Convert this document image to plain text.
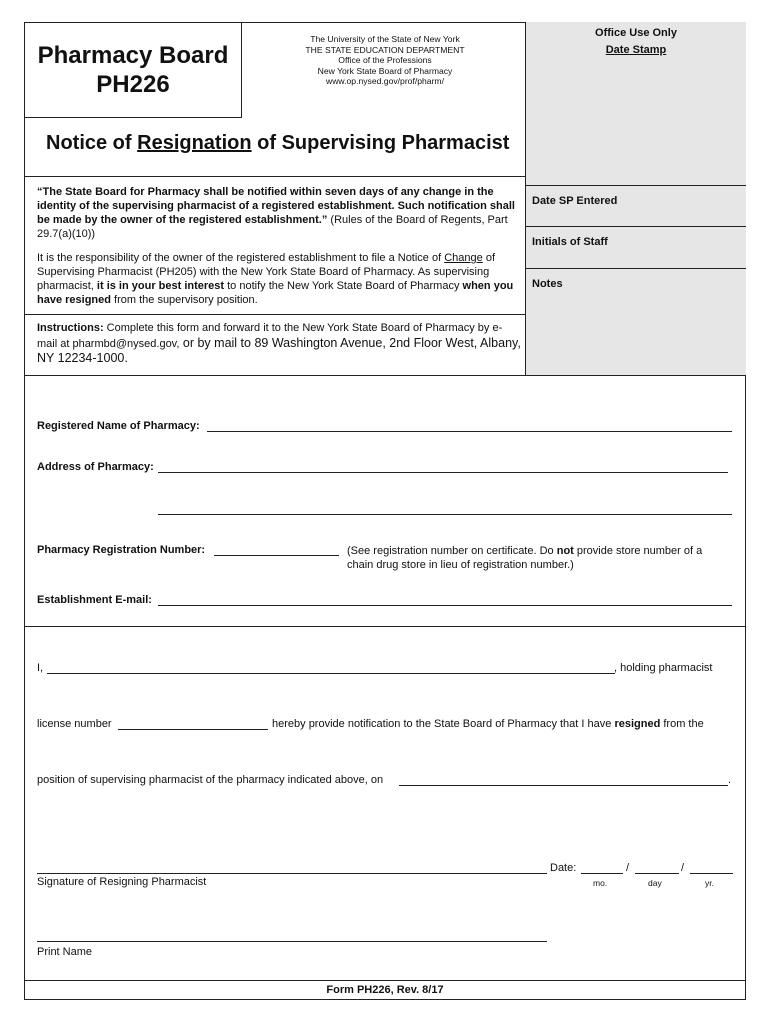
Pharmacy Board
PH226
The University of the State of New York
THE STATE EDUCATION DEPARTMENT
Office of the Professions
New York State Board of Pharmacy
www.op.nysed.gov/prof/pharm/
Office Use Only
Date Stamp
Date SP Entered
Initials of Staff
Notes
Notice of Resignation of Supervising Pharmacist
“The State Board for Pharmacy shall be notified within seven days of any change in the identity of the supervising pharmacist of a registered establishment. Such notification shall be made by the owner of the registered establishment.” (Rules of the Board of Regents, Part 29.7(a)(10))
It is the responsibility of the owner of the registered establishment to file a Notice of Change of Supervising Pharmacist (PH205) with the New York State Board of Pharmacy. As supervising pharmacist, it is in your best interest to notify the New York State Board of Pharmacy when you have resigned from the supervisory position.
Instructions: Complete this form and forward it to the New York State Board of Pharmacy by e-mail at pharmbd@nysed.gov, or by mail to 89 Washington Avenue, 2nd Floor West, Albany, NY 12234-1000.
Registered Name of Pharmacy:
Address of Pharmacy:
Pharmacy Registration Number:	(See registration number on certificate. Do not provide store number of a chain drug store in lieu of registration number.)
Establishment E-mail:
I,	, holding pharmacist
license number	hereby provide notification to the State Board of Pharmacy that I have resigned from the
position of supervising pharmacist of the pharmacy indicated above, on	.
Date:	/	/
Signature of Resigning Pharmacist	mo.	day	yr.
Print Name
Form PH226, Rev. 8/17
